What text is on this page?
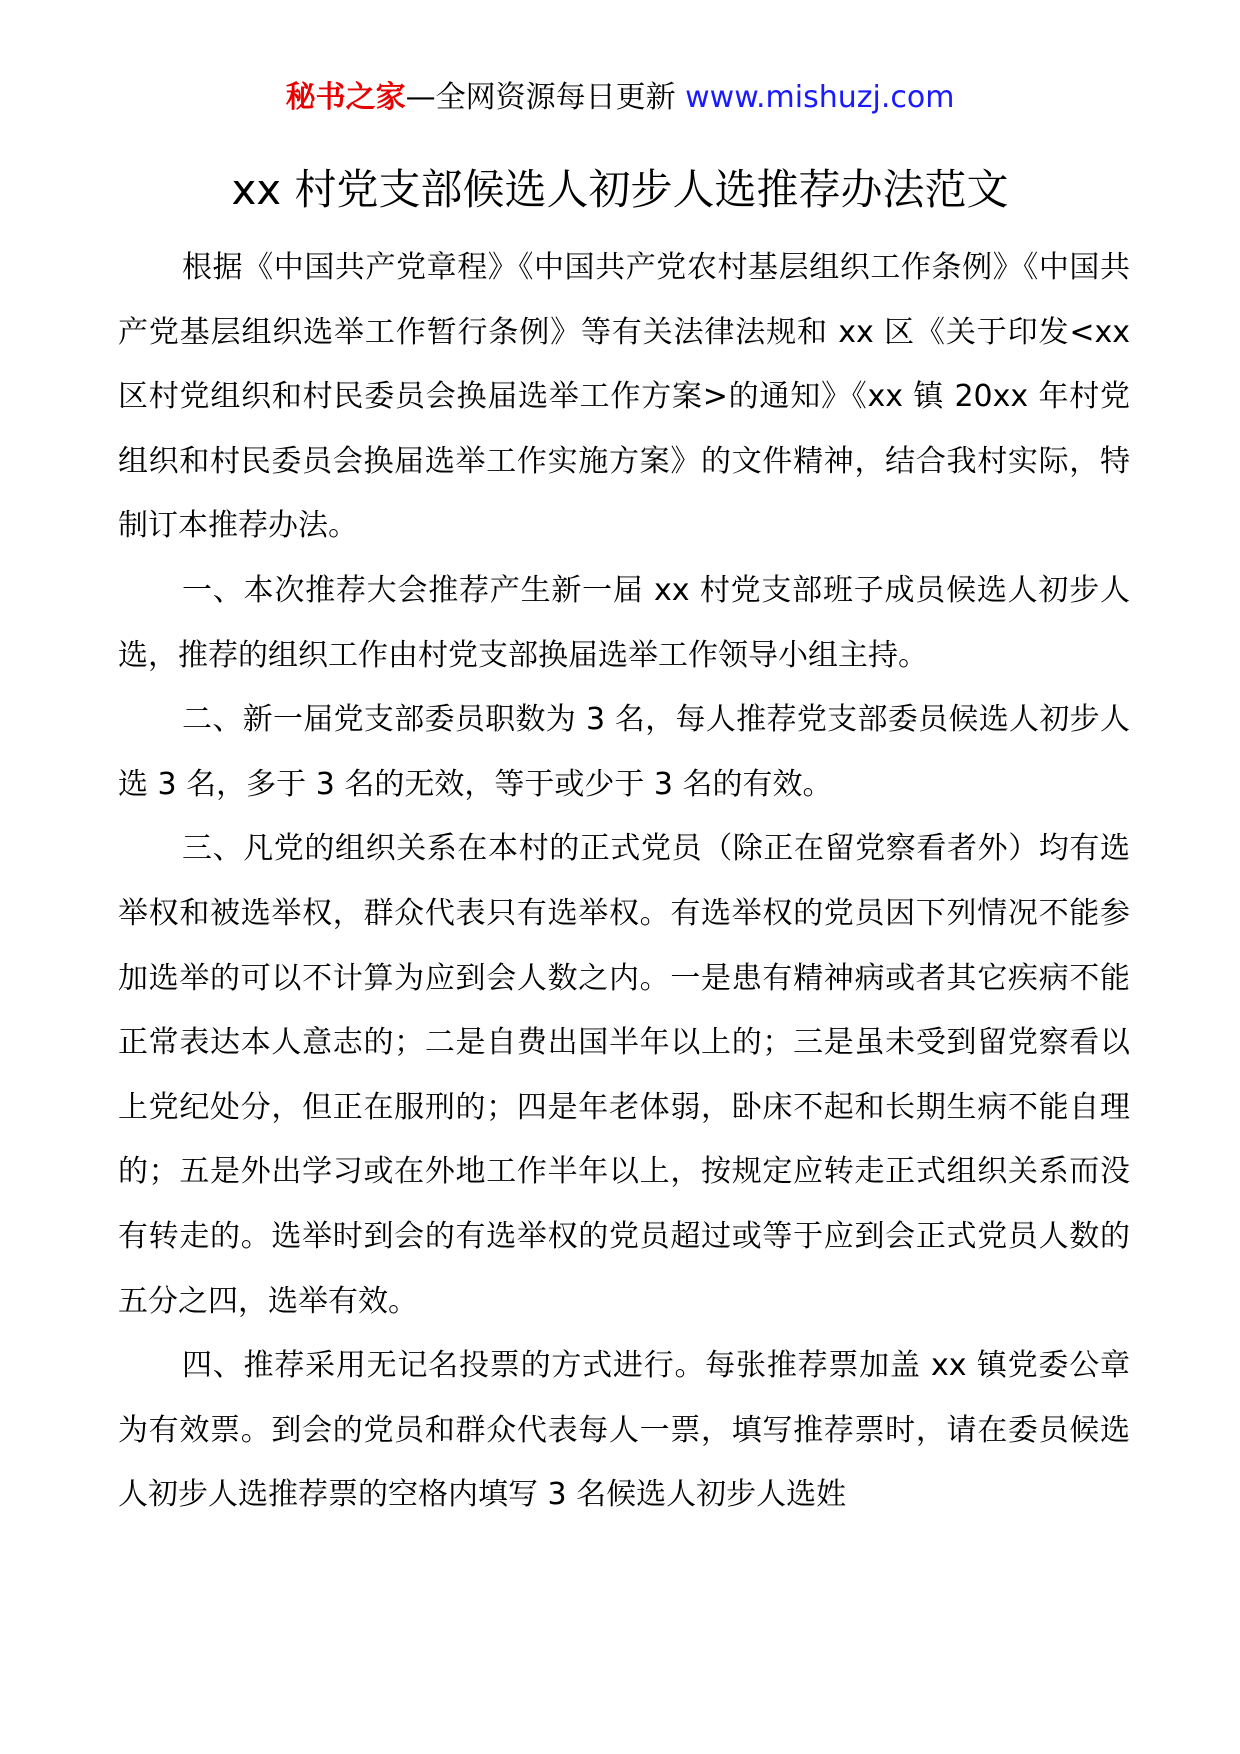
秘书之家—全网资源每日更新 www.mishuzj.com
xx 村党支部候选人初步人选推荐办法范文

根据《中国共产党章程》《中国共产党农村基层组织工作条例》《中国共产党基层组织选举工作暂行条例》等有关法律法规和 xx 区《关于印发<xx 区村党组织和村民委员会换届选举工作方案>的通知》《xx 镇 20xx 年村党组织和村民委员会换届选举工作实施方案》的文件精神，结合我村实际，特制订本推荐办法。

一、本次推荐大会推荐产生新一届 xx 村党支部班子成员候选人初步人选，推荐的组织工作由村党支部换届选举工作领导小组主持。

二、新一届党支部委员职数为 3 名，每人推荐党支部委员候选人初步人选 3 名，多于 3 名的无效，等于或少于 3 名的有效。

三、凡党的组织关系在本村的正式党员（除正在留党察看者外）均有选举权和被选举权，群众代表只有选举权。有选举权的党员因下列情况不能参加选举的可以不计算为应到会人数之内。一是患有精神病或者其它疾病不能正常表达本人意志的；二是自费出国半年以上的；三是虽未受到留党察看以上党纪处分，但正在服刑的；四是年老体弱，卧床不起和长期生病不能自理的；五是外出学习或在外地工作半年以上，按规定应转走正式组织关系而没有转走的。选举时到会的有选举权的党员超过或等于应到会正式党员人数的五分之四，选举有效。

四、推荐采用无记名投票的方式进行。每张推荐票加盖 xx 镇党委公章为有效票。到会的党员和群众代表每人一票，填写推荐票时，请在委员候选人初步人选推荐票的空格内填写 3 名候选人初步人选姓
